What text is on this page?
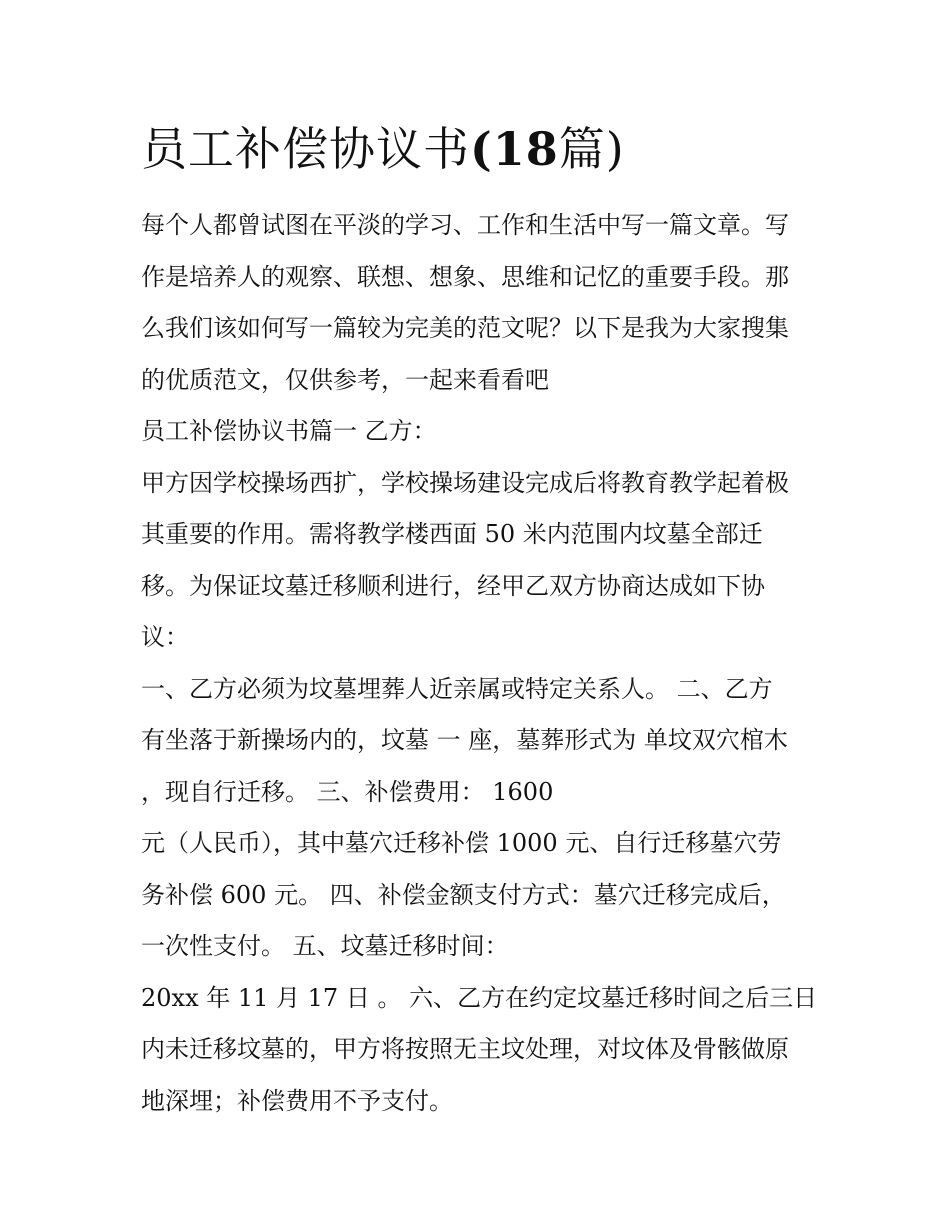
员工补偿协议书(18篇)
每个人都曾试图在平淡的学习、工作和生活中写一篇文章。写
作是培养人的观察、联想、想象、思维和记忆的重要手段。那
么我们该如何写一篇较为完美的范文呢？以下是我为大家搜集
的优质范文，仅供参考，一起来看看吧
员工补偿协议书篇一 乙方：
甲方因学校操场西扩，学校操场建设完成后将教育教学起着极
其重要的作用。需将教学楼西面 50 米内范围内坟墓全部迁
移。为保证坟墓迁移顺利进行，经甲乙双方协商达成如下协
议：
一、乙方必须为坟墓埋葬人近亲属或特定关系人。 二、乙方
有坐落于新操场内的，坟墓 一 座，墓葬形式为 单坟双穴棺木
，现自行迁移。 三、补偿费用： 1600
元（人民币），其中墓穴迁移补偿 1000 元、自行迁移墓穴劳
务补偿 600 元。 四、补偿金额支付方式：墓穴迁移完成后，
一次性支付。 五、坟墓迁移时间：
20xx 年 11 月 17 日 。 六、乙方在约定坟墓迁移时间之后三日
内未迁移坟墓的，甲方将按照无主坟处理，对坟体及骨骸做原
地深埋；补偿费用不予支付。
